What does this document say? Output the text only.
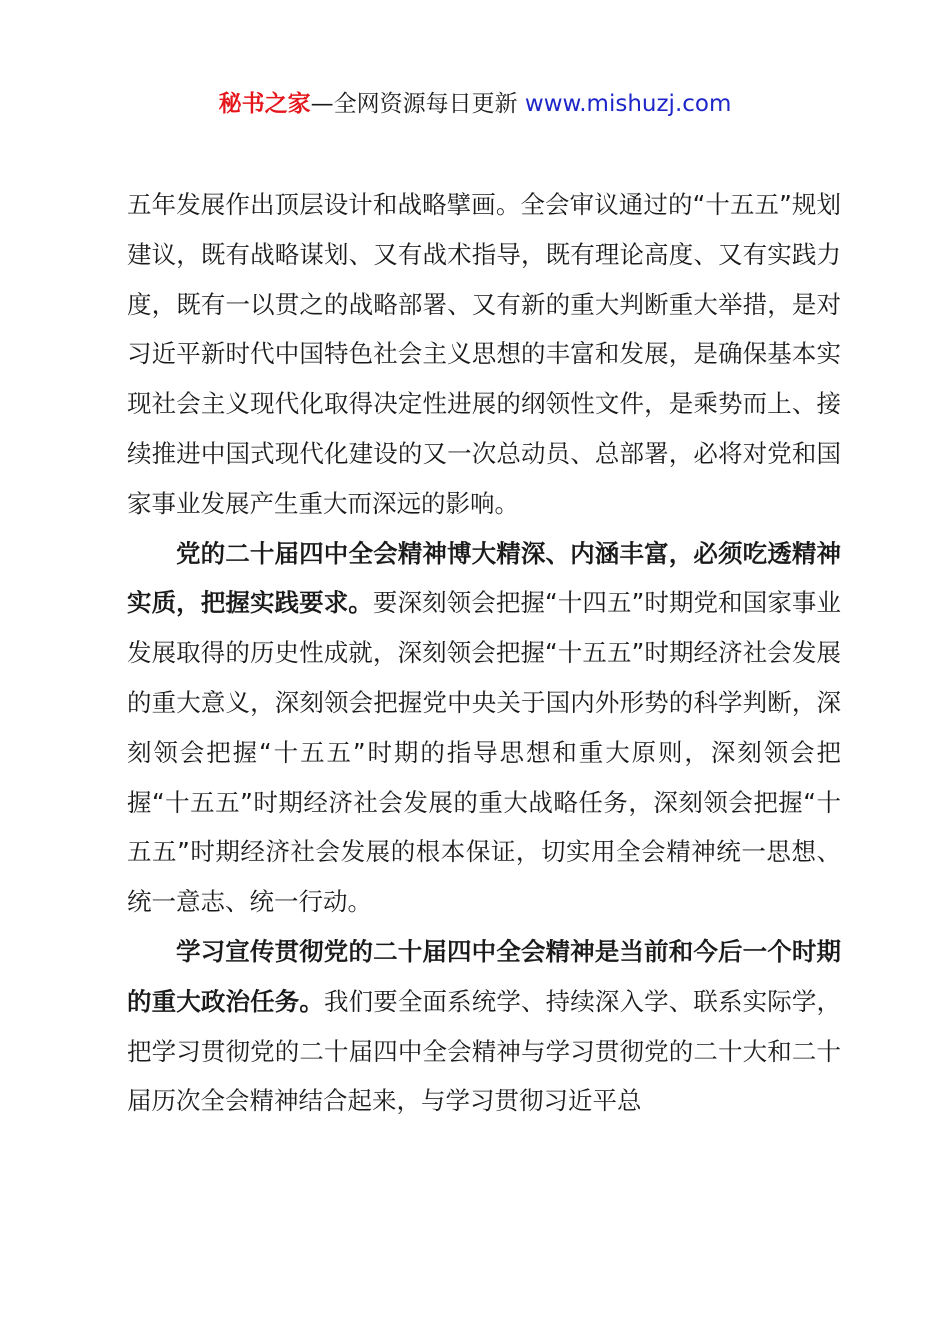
秘书之家—全网资源每日更新 www.mishuzj.com

五年发展作出顶层设计和战略擘画。全会审议通过的“十五五”规划建议，既有战略谋划、又有战术指导，既有理论高度、又有实践力度，既有一以贯之的战略部署、又有新的重大判断重大举措，是对习近平新时代中国特色社会主义思想的丰富和发展，是确保基本实现社会主义现代化取得决定性进展的纲领性文件，是乘势而上、接续推进中国式现代化建设的又一次总动员、总部署，必将对党和国家事业发展产生重大而深远的影响。

党的二十届四中全会精神博大精深、内涵丰富，必须吃透精神实质，把握实践要求。要深刻领会把握“十四五”时期党和国家事业发展取得的历史性成就，深刻领会把握“十五五”时期经济社会发展的重大意义，深刻领会把握党中央关于国内外形势的科学判断，深刻领会把握“十五五”时期的指导思想和重大原则，深刻领会把握“十五五”时期经济社会发展的重大战略任务，深刻领会把握“十五五”时期经济社会发展的根本保证，切实用全会精神统一思想、统一意志、统一行动。

学习宣传贯彻党的二十届四中全会精神是当前和今后一个时期的重大政治任务。我们要全面系统学、持续深入学、联系实际学，把学习贯彻党的二十届四中全会精神与学习贯彻党的二十大和二十届历次全会精神结合起来，与学习贯彻习近平总
